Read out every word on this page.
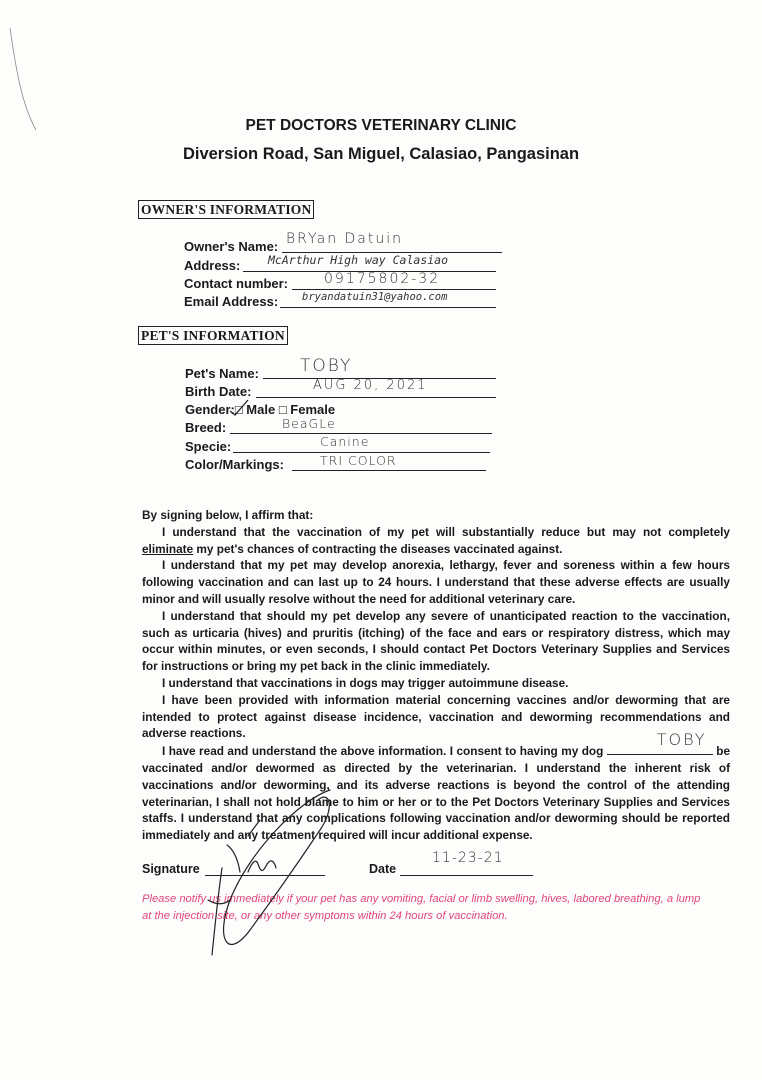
PET DOCTORS VETERINARY CLINIC
Diversion Road, San Miguel, Calasiao, Pangasinan
OWNER'S INFORMATION
Owner's Name: BRYan Datuin
Address: McArthur High way Calasiao
Contact number:	09175802-32
Email Address: bryandatuin31@yahoo.com
PET'S INFORMATION
Pet's Name: TOBY
Birth Date:	AUG 20, 2021
Gender:□ Male □ Female
Breed:	BeaGLe
Specie:	Canine
Color/Markings:	TRI COLOR

By signing below, I affirm that:

I understand that the vaccination of my pet will substantially reduce but may not completely eliminate my pet's chances of contracting the diseases vaccinated against.

I understand that my pet may develop anorexia, lethargy, fever and soreness within a few hours following vaccination and can last up to 24 hours. I understand that these adverse effects are usually minor and will usually resolve without the need for additional veterinary care.

I understand that should my pet develop any severe of unanticipated reaction to the vaccination, such as urticaria (hives) and pruritis (itching) of the face and ears or respiratory distress, which may occur within minutes, or even seconds, I should contact Pet Doctors Veterinary Supplies and Services for instructions or bring my pet back in the clinic immediately.

I understand that vaccinations in dogs may trigger autoimmune disease.

I have been provided with information material concerning vaccines and/or deworming that are intended to protect against disease incidence, vaccination and deworming recommendations and adverse reactions.

I have read and understand the above information. I consent to having my dog
TOBY
be vaccinated and/or dewormed as directed by the veterinarian. I understand the inherent risk of vaccinations and/or deworming, and its adverse reactions is beyond the control of the attending veterinarian, I shall not hold blame to him or her or to the Pet Doctors Veterinary Supplies and Services staffs. I understand that any complications following vaccination and/or deworming should be reported immediately and any treatment required will incur additional expense.

Signature	Date
11-23-21
Please notify us immediately if your pet has any vomiting, facial or limb swelling, hives, labored breathing, a lump at the injection site, or any other symptoms within 24 hours of vaccination.
